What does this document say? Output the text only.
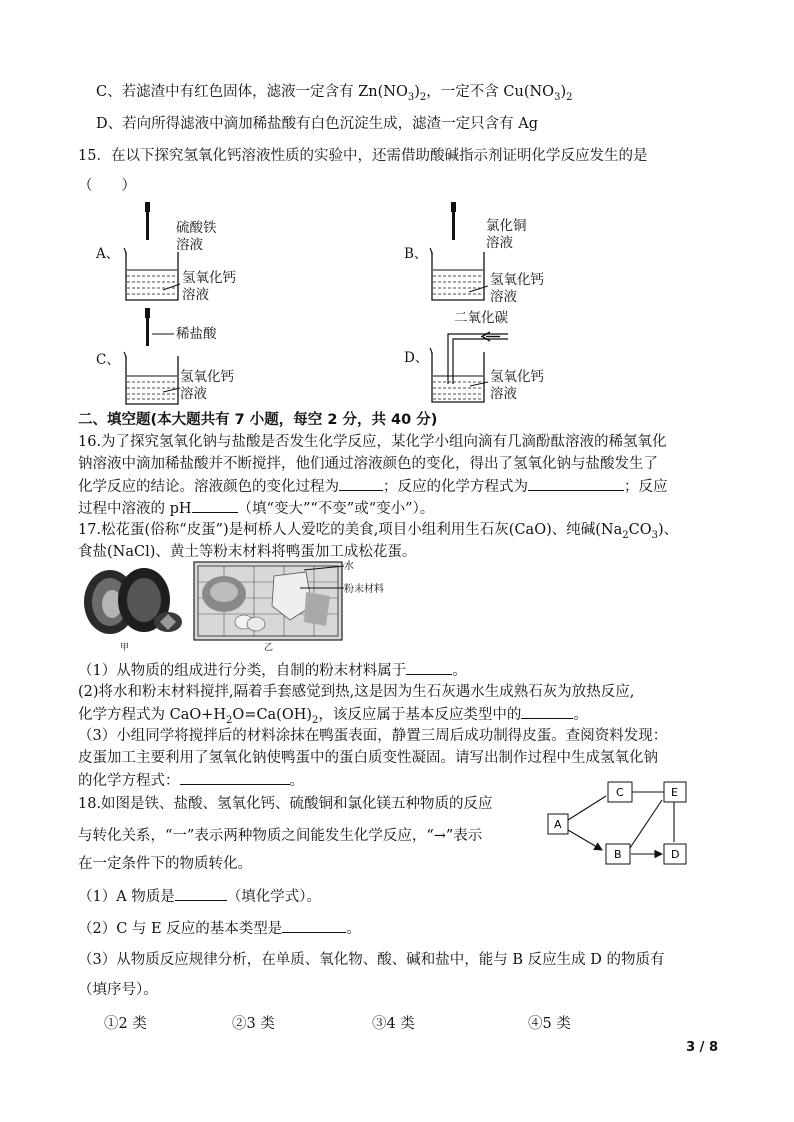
C、若滤渣中有红色固体，滤液一定含有 $Zn(NO_3)_2$，一定不含 $Cu(NO_3)_2$
D、若向所得滤液中滴加稀盐酸有白色沉淀生成，滤渣一定只含有 Ag
15．在以下探究氢氧化钙溶液性质的实验中，还需借助酸碱指示剂证明化学反应发生的是
（　　）
A、
硫酸铁
溶液
氢氧化钙
溶液
B、
氯化铜
溶液
氢氧化钙
溶液
C、
稀盐酸
氢氧化钙
溶液
D、
二氧化碳
氢氧化钙
溶液
二、填空题(本大题共有 7 小题，每空 2 分，共 40 分)
16.为了探究氢氧化钠与盐酸是否发生化学反应，某化学小组向滴有几滴酚酞溶液的稀氢氧化
钠溶液中滴加稀盐酸并不断搅拌，他们通过溶液颜色的变化，得出了氢氧化钠与盐酸发生了
化学反应的结论。溶液颜色的变化过程为	；反应的化学方程式为	；反应
过程中溶液的 pH	（填“变大”“不变”或“变小”）。
17.松花蛋(俗称“皮蛋”)是柯桥人人爱吃的美食,项目小组利用生石灰(CaO)、纯碱$(Na_2CO_3)$、
食盐(NaCl)、黄土等粉末材料将鸭蛋加工成松花蛋。
甲
水
粉末材料
乙
（1）从物质的组成进行分类，自制的粉末材料属于	。
(2)将水和粉末材料搅拌,隔着手套感觉到热,这是因为生石灰遇水生成熟石灰为放热反应,
化学方程式为 $CaO+H_2O=Ca(OH)_2$，该反应属于基本反应类型中的	。
（3）小组同学将搅拌后的材料涂抹在鸭蛋表面，静置三周后成功制得皮蛋。查阅资料发现：
皮蛋加工主要利用了氢氧化钠使鸭蛋中的蛋白质变性凝固。请写出制作过程中生成氢氧化钠
的化学方程式：	。
18.如图是铁、盐酸、氢氧化钙、硫酸铜和氯化镁五种物质的反应
与转化关系，“一”表示两种物质之间能发生化学反应，“→”表示
在一定条件下的物质转化。
A
C	E
B	D
（1）A 物质是	（填化学式）。
（2）C 与 E 反应的基本类型是	。
（3）从物质反应规律分析，在单质、氧化物、酸、碱和盐中，能与 B 反应生成 D 的物质有
（填序号）。
①2 类	②3 类	③4 类	④5 类
3 / 8
